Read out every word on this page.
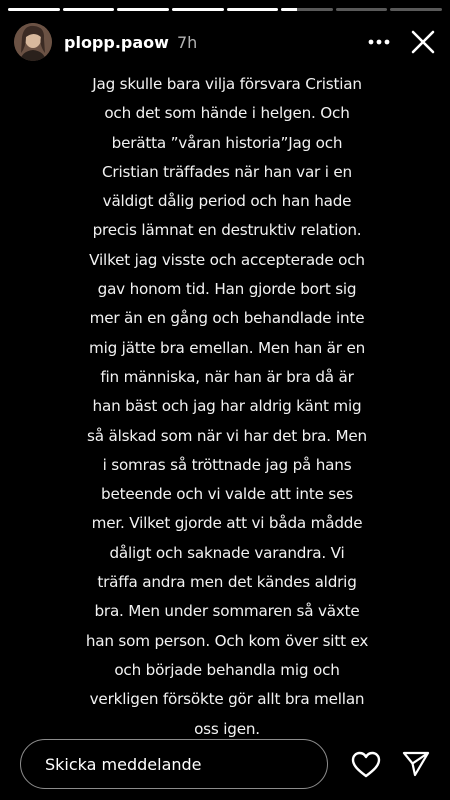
plopp.paow 7h
Jag skulle bara vilja försvara Cristian
och det som hände i helgen. Och
berätta ”våran historia”Jag och
Cristian träffades när han var i en
väldigt dålig period och han hade
precis lämnat en destruktiv relation.
Vilket jag visste och accepterade och
gav honom tid. Han gjorde bort sig
mer än en gång och behandlade inte
mig jätte bra emellan. Men han är en
fin människa, när han är bra då är
han bäst och jag har aldrig känt mig
så älskad som när vi har det bra. Men
i somras så tröttnade jag på hans
beteende och vi valde att inte ses
mer. Vilket gjorde att vi båda mådde
dåligt och saknade varandra. Vi
träffa andra men det kändes aldrig
bra. Men under sommaren så växte
han som person. Och kom över sitt ex
och började behandla mig och
verkligen försökte gör allt bra mellan
oss igen.
Skicka meddelande
